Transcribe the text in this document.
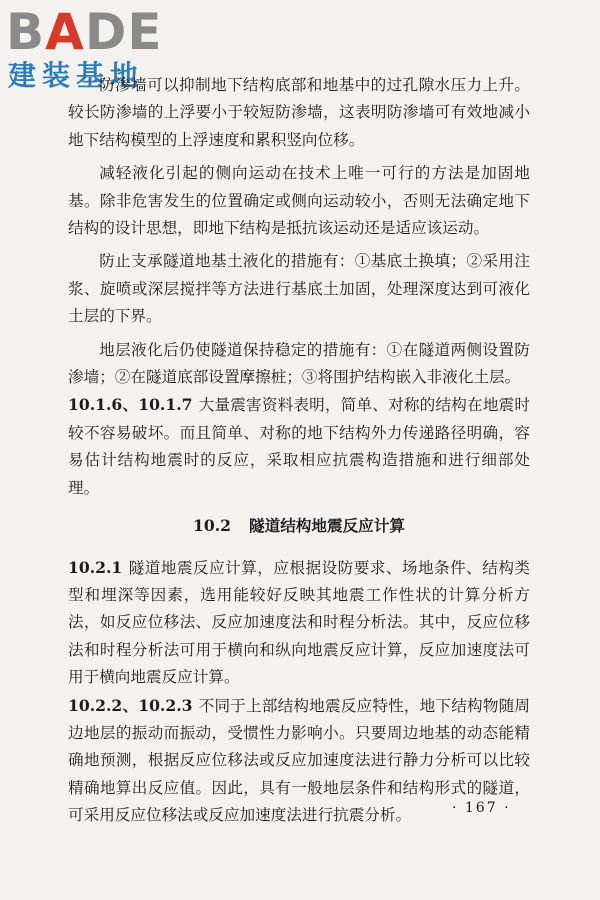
BADE
建装基地

防渗墙可以抑制地下结构底部和地基中的过孔隙水压力上升。较长防渗墙的上浮要小于较短防渗墙，这表明防渗墙可有效地减小地下结构模型的上浮速度和累积竖向位移。

减轻液化引起的侧向运动在技术上唯一可行的方法是加固地基。除非危害发生的位置确定或侧向运动较小，否则无法确定地下结构的设计思想，即地下结构是抵抗该运动还是适应该运动。

防止支承隧道地基土液化的措施有：①基底土换填；②采用注浆、旋喷或深层搅拌等方法进行基底土加固，处理深度达到可液化土层的下界。

地层液化后仍使隧道保持稳定的措施有：①在隧道两侧设置防渗墙；②在隧道底部设置摩擦桩；③将围护结构嵌入非液化土层。

10.1.6、10.1.7 大量震害资料表明，简单、对称的结构在地震时较不容易破坏。而且简单、对称的地下结构外力传递路径明确，容易估计结构地震时的反应，采取相应抗震构造措施和进行细部处理。

10.2 隧道结构地震反应计算

10.2.1 隧道地震反应计算，应根据设防要求、场地条件、结构类型和埋深等因素，选用能较好反映其地震工作性状的计算分析方法，如反应位移法、反应加速度法和时程分析法。其中，反应位移法和时程分析法可用于横向和纵向地震反应计算，反应加速度法可用于横向地震反应计算。

10.2.2、10.2.3 不同于上部结构地震反应特性，地下结构物随周边地层的振动而振动，受惯性力影响小。只要周边地基的动态能精确地预测，根据反应位移法或反应加速度法进行静力分析可以比较精确地算出反应值。因此，具有一般地层条件和结构形式的隧道，可采用反应位移法或反应加速度法进行抗震分析。	· 167 ·
